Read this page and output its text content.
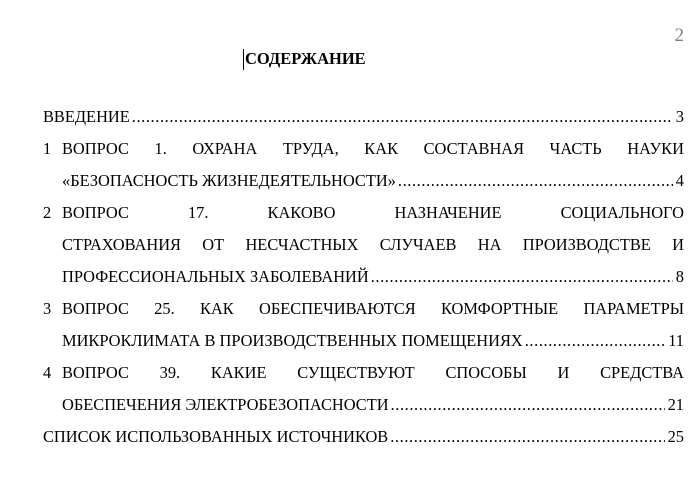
2
СОДЕРЖАНИЕ
ВВЕДЕНИЕ .....	3
1 ВОПРОС 1. ОХРАНА ТРУДА, КАК СОСТАВНАЯ ЧАСТЬ НАУКИ
«БЕЗОПАСНОСТЬ ЖИЗНЕДЕЯТЕЛЬНОСТИ» .....	4
2 ВОПРОС	17.	КАКОВО	НАЗНАЧЕНИЕ	СОЦИАЛЬНОГО
СТРАХОВАНИЯ ОТ НЕСЧАСТНЫХ СЛУЧАЕВ НА ПРОИЗВОДСТВЕ И
ПРОФЕССИОНАЛЬНЫХ ЗАБОЛЕВАНИЙ .....	8
3 ВОПРОС 25. КАК ОБЕСПЕЧИВАЮТСЯ КОМФОРТНЫЕ ПАРАМЕТРЫ
МИКРОКЛИМАТА В ПРОИЗВОДСТВЕННЫХ ПОМЕЩЕНИЯХ .....	11
4 ВОПРОС 39. КАКИЕ СУЩЕСТВУЮТ СПОСОБЫ И СРЕДСТВА
ОБЕСПЕЧЕНИЯ ЭЛЕКТРОБЕЗОПАСНОСТИ .....	21
СПИСОК ИСПОЛЬЗОВАННЫХ ИСТОЧНИКОВ .....	25
